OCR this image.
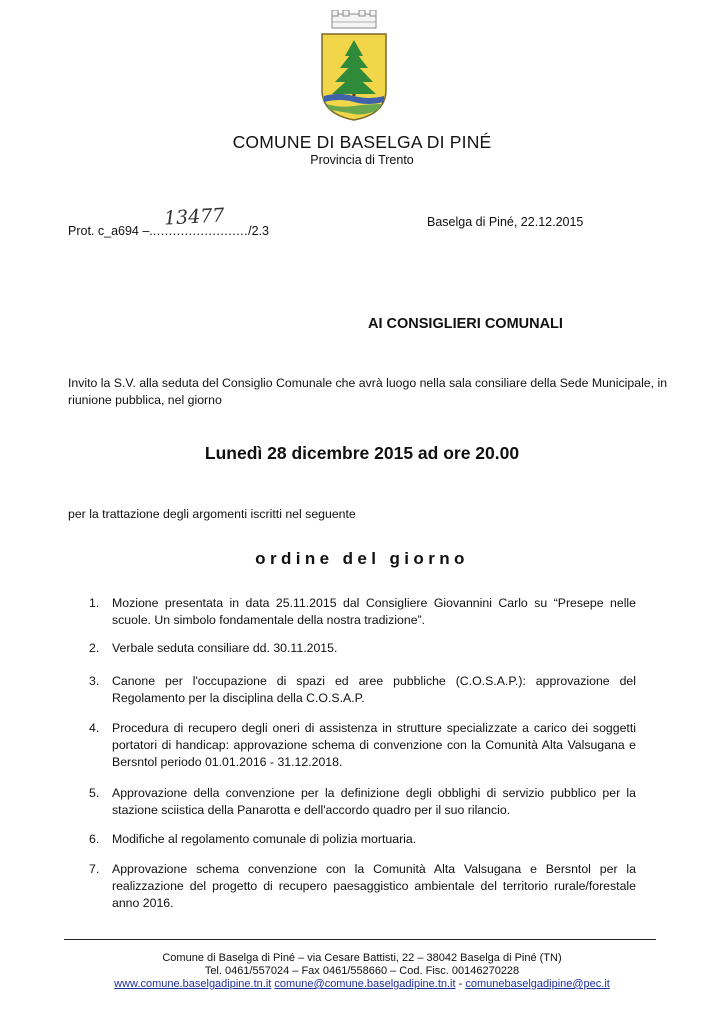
COMUNE DI BASELGA DI PINÉ
Provincia di Trento
Prot. c_a694 –........................./2.3
13477	Baselga di Piné, 22.12.2015
AI CONSIGLIERI COMUNALI
Invito la S.V. alla seduta del Consiglio Comunale che avrà luogo nella sala consiliare della Sede Municipale, in riunione pubblica, nel giorno
Lunedì 28 dicembre 2015 ad ore 20.00
per la trattazione degli argomenti iscritti nel seguente
ordine del giorno
1. Mozione presentata in data 25.11.2015 dal Consigliere Giovannini Carlo su “Presepe nelle scuole. Un simbolo fondamentale della nostra tradizione”.
2. Verbale seduta consiliare dd. 30.11.2015.
3. Canone per l'occupazione di spazi ed aree pubbliche (C.O.S.A.P.): approvazione del Regolamento per la disciplina della C.O.S.A.P.
4. Procedura di recupero degli oneri di assistenza in strutture specializzate a carico dei soggetti portatori di handicap: approvazione schema di convenzione con la Comunità Alta Valsugana e Bersntol periodo 01.01.2016 - 31.12.2018.
5. Approvazione della convenzione per la definizione degli obblighi di servizio pubblico per la stazione sciistica della Panarotta e dell'accordo quadro per il suo rilancio.
6. Modifiche al regolamento comunale di polizia mortuaria.
7. Approvazione schema convenzione con la Comunità Alta Valsugana e Bersntol per la realizzazione del progetto di recupero paesaggistico ambientale del territorio rurale/forestale anno 2016.
Comune di Baselga di Piné – via Cesare Battisti, 22 – 38042 Baselga di Piné (TN)
Tel. 0461/557024 – Fax 0461/558660 – Cod. Fisc. 00146270228
www.comune.baselgadipine.tn.it comune@comune.baselgadipine.tn.it - comunebaselgadipine@pec.it
